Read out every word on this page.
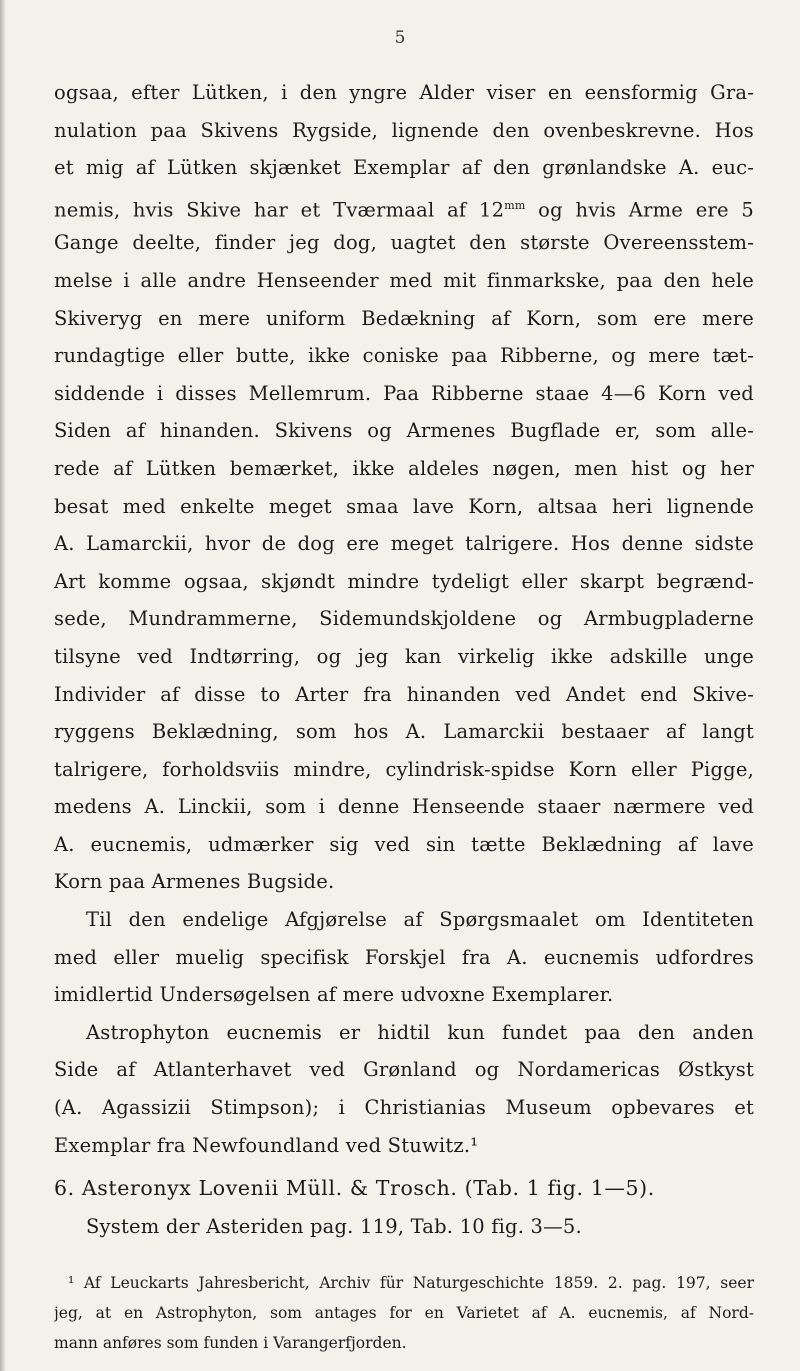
5
ogsaa, efter Lütken, i den yngre Alder viser en eensformig Gra-
nulation paa Skivens Rygside, lignende den ovenbeskrevne. Hos
et mig af Lütken skjænket Exemplar af den grønlandske A. euc-
nemis, hvis Skive har et Tværmaal af $12^{mm}$ og hvis Arme ere 5
Gange deelte, finder jeg dog, uagtet den største Overeensstem-
melse i alle andre Henseender med mit finmarkske, paa den hele
Skiveryg en mere uniform Bedækning af Korn, som ere mere
rundagtige eller butte, ikke coniske paa Ribberne, og mere tæt-
siddende i disses Mellemrum. Paa Ribberne staae 4—6 Korn ved
Siden af hinanden. Skivens og Armenes Bugflade er, som alle-
rede af Lütken bemærket, ikke aldeles nøgen, men hist og her
besat med enkelte meget smaa lave Korn, altsaa heri lignende
A. Lamarckii, hvor de dog ere meget talrigere. Hos denne sidste
Art komme ogsaa, skjøndt mindre tydeligt eller skarpt begrænd-
sede, Mundrammerne, Sidemundskjoldene og Armbugpladerne
tilsyne ved Indtørring, og jeg kan virkelig ikke adskille unge
Individer af disse to Arter fra hinanden ved Andet end Skive-
ryggens Beklædning, som hos A. Lamarckii bestaaer af langt
talrigere, forholdsviis mindre, cylindrisk-spidse Korn eller Pigge,
medens A. Linckii, som i denne Henseende staaer nærmere ved
A. eucnemis, udmærker sig ved sin tætte Beklædning af lave
Korn paa Armenes Bugside.
Til den endelige Afgjørelse af Spørgsmaalet om Identiteten
med eller muelig specifisk Forskjel fra A. eucnemis udfordres
imidlertid Undersøgelsen af mere udvoxne Exemplarer.
Astrophyton eucnemis er hidtil kun fundet paa den anden
Side af Atlanterhavet ved Grønland og Nordamericas Østkyst
(A. Agassizii Stimpson); i Christianias Museum opbevares et
Exemplar fra Newfoundland ved Stuwitz.¹
6. Asteronyx Lovenii Müll. & Trosch. (Tab. 1 fig. 1—5).
System der Asteriden pag. 119, Tab. 10 fig. 3—5.
¹ Af Leuckarts Jahresbericht, Archiv für Naturgeschichte 1859. 2. pag. 197, seer
jeg, at en Astrophyton, som antages for en Varietet af A. eucnemis, af Nord-
mann anføres som funden i Varangerfjorden.
